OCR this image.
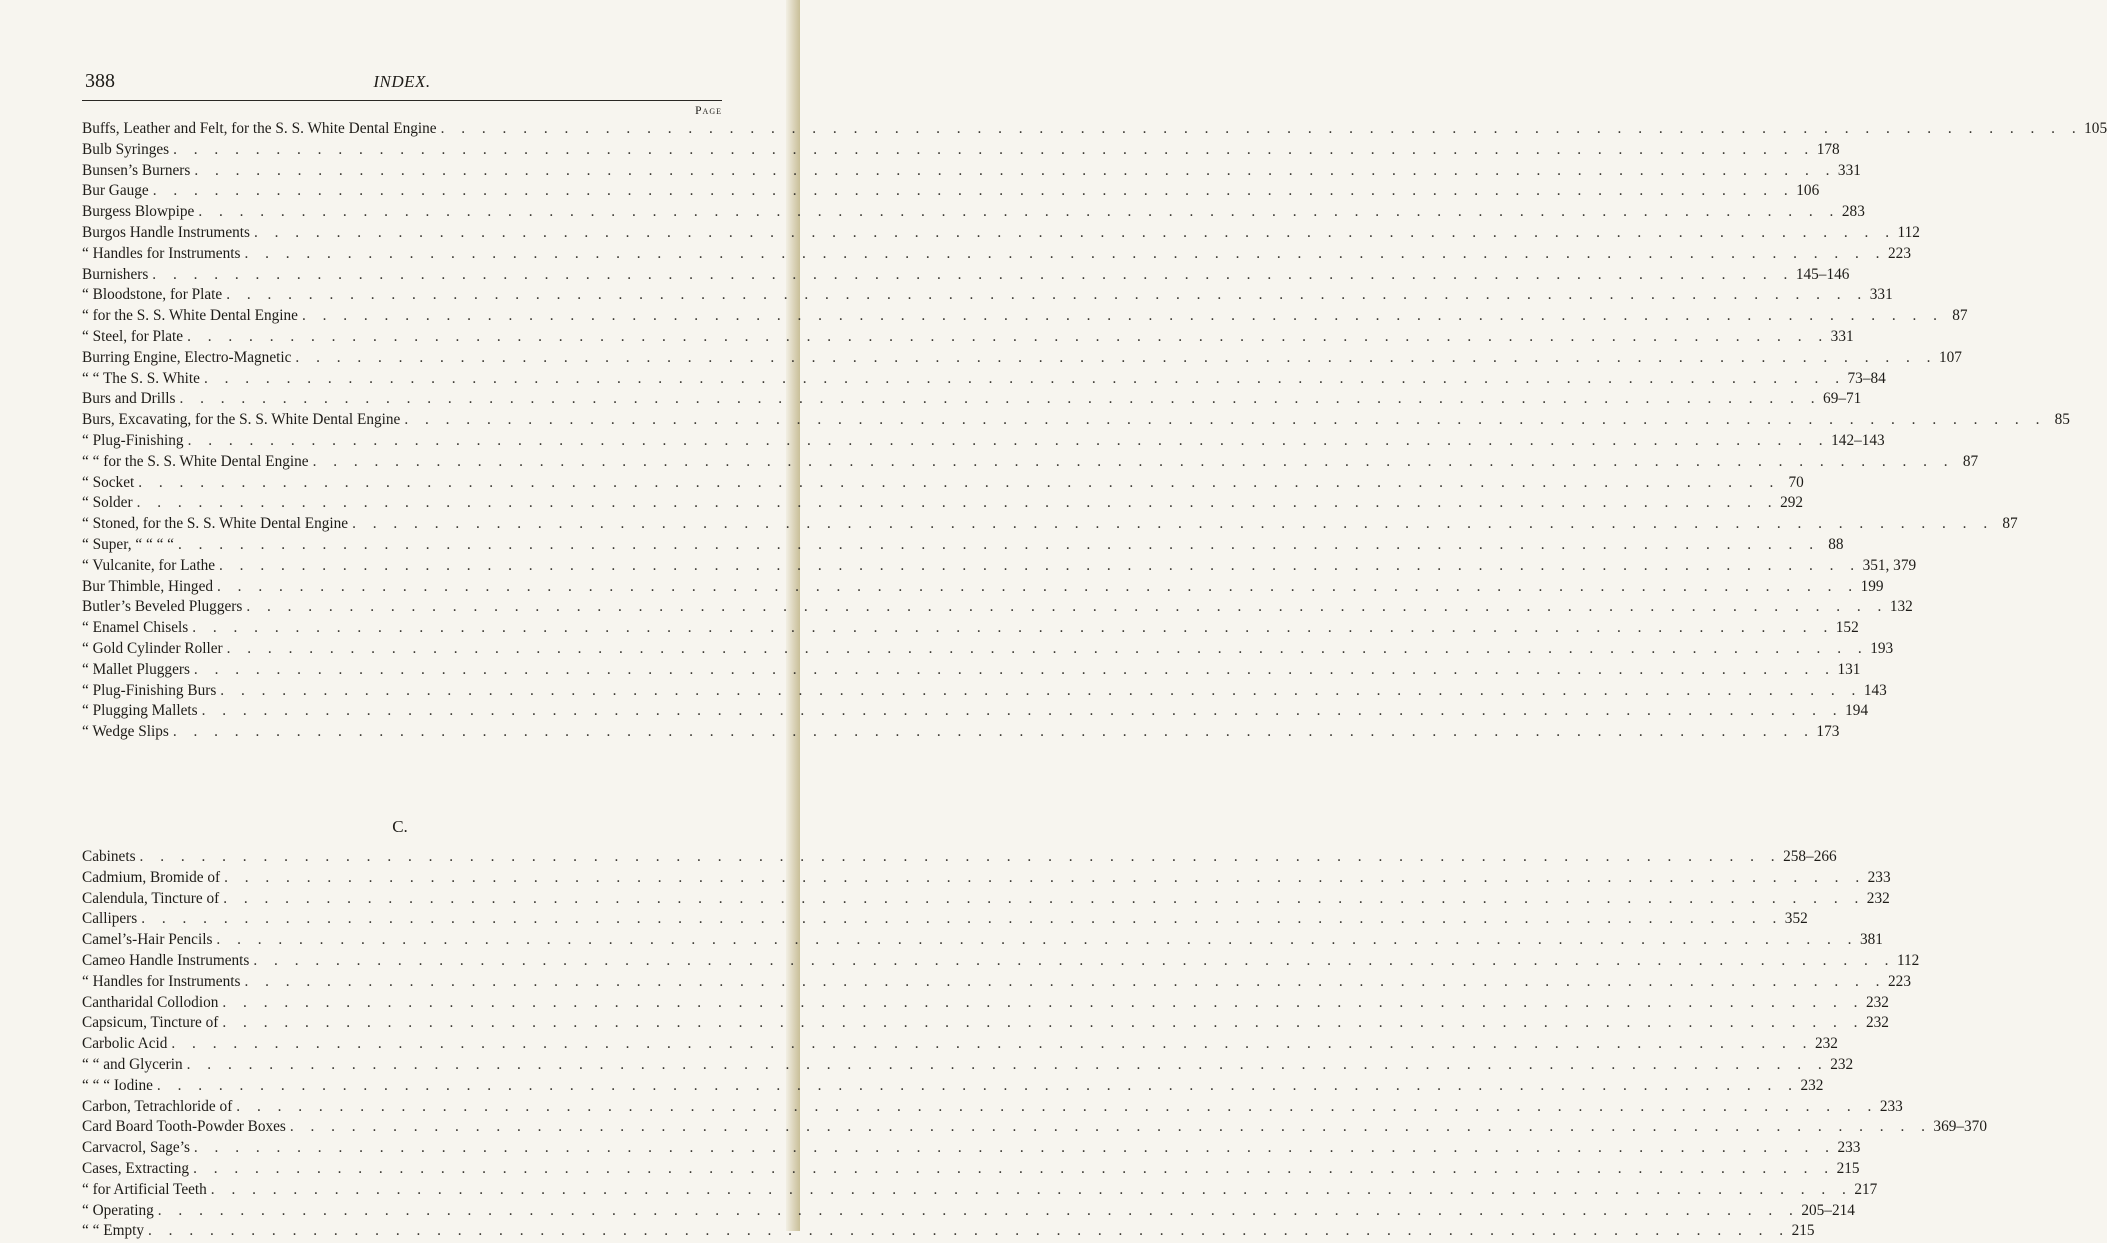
388	INDEX.
Page
Buffs, Leather and Felt, for the S. S. White Dental Engine . . . . . . . . . . . . . . . . . . . . . . . . . . . . . . . . . . . . . . . . . . . . . . . . . . . . . . . . . . . . . . . . . . . . . . . . . . . . . . . . 105
Bulb Syringes . . . . . . . . . . . . . . . . . . . . . . . . . . . . . . . . . . . . . . . . . . . . . . . . . . . . . . . . . . . . . . . . . . . . . . . . . . . . . . . . 178
Bunsen’s Burners . . . . . . . . . . . . . . . . . . . . . . . . . . . . . . . . . . . . . . . . . . . . . . . . . . . . . . . . . . . . . . . . . . . . . . . . . . . . . . . . 331
Bur Gauge . . . . . . . . . . . . . . . . . . . . . . . . . . . . . . . . . . . . . . . . . . . . . . . . . . . . . . . . . . . . . . . . . . . . . . . . . . . . . . . . 106
Burgess Blowpipe . . . . . . . . . . . . . . . . . . . . . . . . . . . . . . . . . . . . . . . . . . . . . . . . . . . . . . . . . . . . . . . . . . . . . . . . . . . . . . . . 283
Burgos Handle Instruments . . . . . . . . . . . . . . . . . . . . . . . . . . . . . . . . . . . . . . . . . . . . . . . . . . . . . . . . . . . . . . . . . . . . . . . . . . . . . . . . 112
“ Handles for Instruments . . . . . . . . . . . . . . . . . . . . . . . . . . . . . . . . . . . . . . . . . . . . . . . . . . . . . . . . . . . . . . . . . . . . . . . . . . . . . . . . 223
Burnishers . . . . . . . . . . . . . . . . . . . . . . . . . . . . . . . . . . . . . . . . . . . . . . . . . . . . . . . . . . . . . . . . . . . . . . . . . . . . . . . . 145–146
“ Bloodstone, for Plate . . . . . . . . . . . . . . . . . . . . . . . . . . . . . . . . . . . . . . . . . . . . . . . . . . . . . . . . . . . . . . . . . . . . . . . . . . . . . . . . 331
“ for the S. S. White Dental Engine . . . . . . . . . . . . . . . . . . . . . . . . . . . . . . . . . . . . . . . . . . . . . . . . . . . . . . . . . . . . . . . . . . . . . . . . . . . . . . . . 87
“ Steel, for Plate . . . . . . . . . . . . . . . . . . . . . . . . . . . . . . . . . . . . . . . . . . . . . . . . . . . . . . . . . . . . . . . . . . . . . . . . . . . . . . . . 331
Burring Engine, Electro-Magnetic . . . . . . . . . . . . . . . . . . . . . . . . . . . . . . . . . . . . . . . . . . . . . . . . . . . . . . . . . . . . . . . . . . . . . . . . . . . . . . . . 107
“ “ The S. S. White . . . . . . . . . . . . . . . . . . . . . . . . . . . . . . . . . . . . . . . . . . . . . . . . . . . . . . . . . . . . . . . . . . . . . . . . . . . . . . . . 73–84
Burs and Drills . . . . . . . . . . . . . . . . . . . . . . . . . . . . . . . . . . . . . . . . . . . . . . . . . . . . . . . . . . . . . . . . . . . . . . . . . . . . . . . . 69–71
Burs, Excavating, for the S. S. White Dental Engine . . . . . . . . . . . . . . . . . . . . . . . . . . . . . . . . . . . . . . . . . . . . . . . . . . . . . . . . . . . . . . . . . . . . . . . . . . . . . . . . 85
“ Plug-Finishing . . . . . . . . . . . . . . . . . . . . . . . . . . . . . . . . . . . . . . . . . . . . . . . . . . . . . . . . . . . . . . . . . . . . . . . . . . . . . . . . 142–143
“ “ for the S. S. White Dental Engine . . . . . . . . . . . . . . . . . . . . . . . . . . . . . . . . . . . . . . . . . . . . . . . . . . . . . . . . . . . . . . . . . . . . . . . . . . . . . . . . 87
“ Socket . . . . . . . . . . . . . . . . . . . . . . . . . . . . . . . . . . . . . . . . . . . . . . . . . . . . . . . . . . . . . . . . . . . . . . . . . . . . . . . . 70
“ Solder . . . . . . . . . . . . . . . . . . . . . . . . . . . . . . . . . . . . . . . . . . . . . . . . . . . . . . . . . . . . . . . . . . . . . . . . . . . . . . . . 292
“ Stoned, for the S. S. White Dental Engine . . . . . . . . . . . . . . . . . . . . . . . . . . . . . . . . . . . . . . . . . . . . . . . . . . . . . . . . . . . . . . . . . . . . . . . . . . . . . . . . 87
“ Super, “ “ “ “ . . . . . . . . . . . . . . . . . . . . . . . . . . . . . . . . . . . . . . . . . . . . . . . . . . . . . . . . . . . . . . . . . . . . . . . . . . . . . . . . 88
“ Vulcanite, for Lathe . . . . . . . . . . . . . . . . . . . . . . . . . . . . . . . . . . . . . . . . . . . . . . . . . . . . . . . . . . . . . . . . . . . . . . . . . . . . . . . . 351, 379
Bur Thimble, Hinged . . . . . . . . . . . . . . . . . . . . . . . . . . . . . . . . . . . . . . . . . . . . . . . . . . . . . . . . . . . . . . . . . . . . . . . . . . . . . . . . 199
Butler’s Beveled Pluggers . . . . . . . . . . . . . . . . . . . . . . . . . . . . . . . . . . . . . . . . . . . . . . . . . . . . . . . . . . . . . . . . . . . . . . . . . . . . . . . . 132
“ Enamel Chisels . . . . . . . . . . . . . . . . . . . . . . . . . . . . . . . . . . . . . . . . . . . . . . . . . . . . . . . . . . . . . . . . . . . . . . . . . . . . . . . . 152
“ Gold Cylinder Roller . . . . . . . . . . . . . . . . . . . . . . . . . . . . . . . . . . . . . . . . . . . . . . . . . . . . . . . . . . . . . . . . . . . . . . . . . . . . . . . . 193
“ Mallet Pluggers . . . . . . . . . . . . . . . . . . . . . . . . . . . . . . . . . . . . . . . . . . . . . . . . . . . . . . . . . . . . . . . . . . . . . . . . . . . . . . . . 131
“ Plug-Finishing Burs . . . . . . . . . . . . . . . . . . . . . . . . . . . . . . . . . . . . . . . . . . . . . . . . . . . . . . . . . . . . . . . . . . . . . . . . . . . . . . . . 143
“ Plugging Mallets . . . . . . . . . . . . . . . . . . . . . . . . . . . . . . . . . . . . . . . . . . . . . . . . . . . . . . . . . . . . . . . . . . . . . . . . . . . . . . . . 194
“ Wedge Slips . . . . . . . . . . . . . . . . . . . . . . . . . . . . . . . . . . . . . . . . . . . . . . . . . . . . . . . . . . . . . . . . . . . . . . . . . . . . . . . . 173
C.
Cabinets . . . . . . . . . . . . . . . . . . . . . . . . . . . . . . . . . . . . . . . . . . . . . . . . . . . . . . . . . . . . . . . . . . . . . . . . . . . . . . . . 258–266
Cadmium, Bromide of . . . . . . . . . . . . . . . . . . . . . . . . . . . . . . . . . . . . . . . . . . . . . . . . . . . . . . . . . . . . . . . . . . . . . . . . . . . . . . . . 233
Calendula, Tincture of . . . . . . . . . . . . . . . . . . . . . . . . . . . . . . . . . . . . . . . . . . . . . . . . . . . . . . . . . . . . . . . . . . . . . . . . . . . . . . . . 232
Callipers . . . . . . . . . . . . . . . . . . . . . . . . . . . . . . . . . . . . . . . . . . . . . . . . . . . . . . . . . . . . . . . . . . . . . . . . . . . . . . . . 352
Camel’s-Hair Pencils . . . . . . . . . . . . . . . . . . . . . . . . . . . . . . . . . . . . . . . . . . . . . . . . . . . . . . . . . . . . . . . . . . . . . . . . . . . . . . . . 381
Cameo Handle Instruments . . . . . . . . . . . . . . . . . . . . . . . . . . . . . . . . . . . . . . . . . . . . . . . . . . . . . . . . . . . . . . . . . . . . . . . . . . . . . . . . 112
“ Handles for Instruments . . . . . . . . . . . . . . . . . . . . . . . . . . . . . . . . . . . . . . . . . . . . . . . . . . . . . . . . . . . . . . . . . . . . . . . . . . . . . . . . 223
Cantharidal Collodion . . . . . . . . . . . . . . . . . . . . . . . . . . . . . . . . . . . . . . . . . . . . . . . . . . . . . . . . . . . . . . . . . . . . . . . . . . . . . . . . 232
Capsicum, Tincture of . . . . . . . . . . . . . . . . . . . . . . . . . . . . . . . . . . . . . . . . . . . . . . . . . . . . . . . . . . . . . . . . . . . . . . . . . . . . . . . . 232
Carbolic Acid . . . . . . . . . . . . . . . . . . . . . . . . . . . . . . . . . . . . . . . . . . . . . . . . . . . . . . . . . . . . . . . . . . . . . . . . . . . . . . . . 232
“ “ and Glycerin . . . . . . . . . . . . . . . . . . . . . . . . . . . . . . . . . . . . . . . . . . . . . . . . . . . . . . . . . . . . . . . . . . . . . . . . . . . . . . . . 232
“ “ “ Iodine . . . . . . . . . . . . . . . . . . . . . . . . . . . . . . . . . . . . . . . . . . . . . . . . . . . . . . . . . . . . . . . . . . . . . . . . . . . . . . . . 232
Carbon, Tetrachloride of . . . . . . . . . . . . . . . . . . . . . . . . . . . . . . . . . . . . . . . . . . . . . . . . . . . . . . . . . . . . . . . . . . . . . . . . . . . . . . . . 233
Card Board Tooth-Powder Boxes . . . . . . . . . . . . . . . . . . . . . . . . . . . . . . . . . . . . . . . . . . . . . . . . . . . . . . . . . . . . . . . . . . . . . . . . . . . . . . . . 369–370
Carvacrol, Sage’s . . . . . . . . . . . . . . . . . . . . . . . . . . . . . . . . . . . . . . . . . . . . . . . . . . . . . . . . . . . . . . . . . . . . . . . . . . . . . . . . 233
Cases, Extracting . . . . . . . . . . . . . . . . . . . . . . . . . . . . . . . . . . . . . . . . . . . . . . . . . . . . . . . . . . . . . . . . . . . . . . . . . . . . . . . . 215
“ for Artificial Teeth . . . . . . . . . . . . . . . . . . . . . . . . . . . . . . . . . . . . . . . . . . . . . . . . . . . . . . . . . . . . . . . . . . . . . . . . . . . . . . . . 217
“ Operating . . . . . . . . . . . . . . . . . . . . . . . . . . . . . . . . . . . . . . . . . . . . . . . . . . . . . . . . . . . . . . . . . . . . . . . . . . . . . . . . 205–214
“ “ Empty . . . . . . . . . . . . . . . . . . . . . . . . . . . . . . . . . . . . . . . . . . . . . . . . . . . . . . . . . . . . . . . . . . . . . . . . . . . . . . . . 215
